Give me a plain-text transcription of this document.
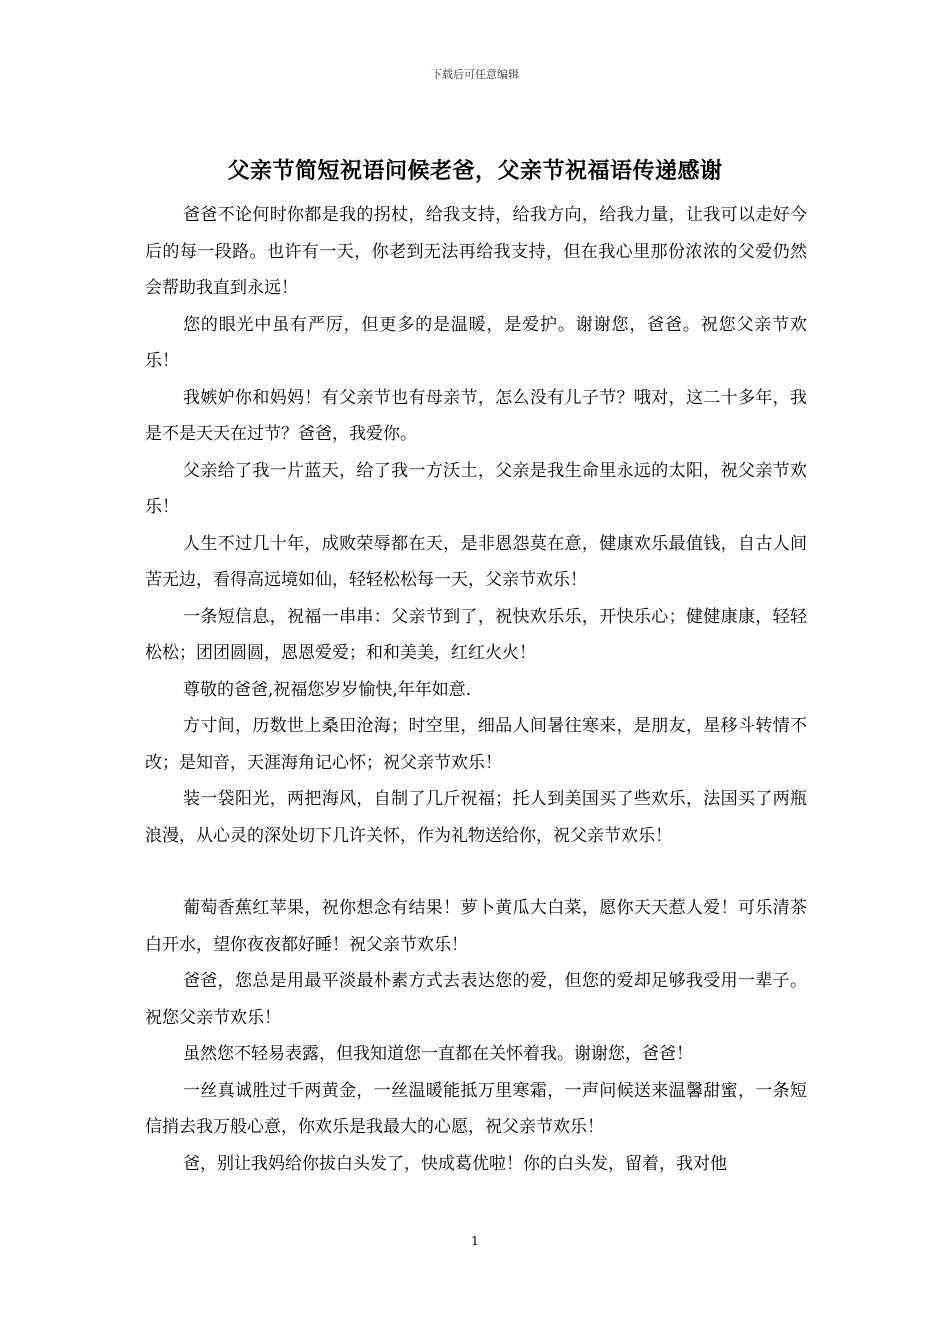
下载后可任意编辑
父亲节简短祝语问候老爸，父亲节祝福语传递感谢

爸爸不论何时你都是我的拐杖，给我支持，给我方向，给我力量，让我可以走好今后的每一段路。也许有一天，你老到无法再给我支持，但在我心里那份浓浓的父爱仍然会帮助我直到永远！

您的眼光中虽有严厉，但更多的是温暖，是爱护。谢谢您，爸爸。祝您父亲节欢乐！

我嫉妒你和妈妈！有父亲节也有母亲节，怎么没有儿子节？哦对，这二十多年，我是不是天天在过节？爸爸，我爱你。

父亲给了我一片蓝天，给了我一方沃土，父亲是我生命里永远的太阳，祝父亲节欢乐！

人生不过几十年，成败荣辱都在天，是非恩怨莫在意，健康欢乐最值钱，自古人间苦无边，看得高远境如仙，轻轻松松每一天，父亲节欢乐！

一条短信息，祝福一串串：父亲节到了，祝快欢乐乐，开快乐心；健健康康，轻轻松松；团团圆圆，恩恩爱爱；和和美美，红红火火！

尊敬的爸爸,祝福您岁岁愉快,年年如意.

方寸间，历数世上桑田沧海；时空里，细品人间暑往寒来，是朋友，星移斗转情不改；是知音，天涯海角记心怀；祝父亲节欢乐！

装一袋阳光，两把海风，自制了几斤祝福；托人到美国买了些欢乐，法国买了两瓶浪漫，从心灵的深处切下几许关怀，作为礼物送给你，祝父亲节欢乐！

葡萄香蕉红苹果，祝你想念有结果！萝卜黄瓜大白菜，愿你天天惹人爱！可乐清茶白开水，望你夜夜都好睡！祝父亲节欢乐！

爸爸，您总是用最平淡最朴素方式去表达您的爱，但您的爱却足够我受用一辈子。祝您父亲节欢乐！

虽然您不轻易表露，但我知道您一直都在关怀着我。谢谢您，爸爸！

一丝真诚胜过千两黄金，一丝温暖能抵万里寒霜，一声问候送来温馨甜蜜，一条短信捎去我万般心意，你欢乐是我最大的心愿，祝父亲节欢乐！

爸，别让我妈给你拔白头发了，快成葛优啦！你的白头发，留着，我对他

1
